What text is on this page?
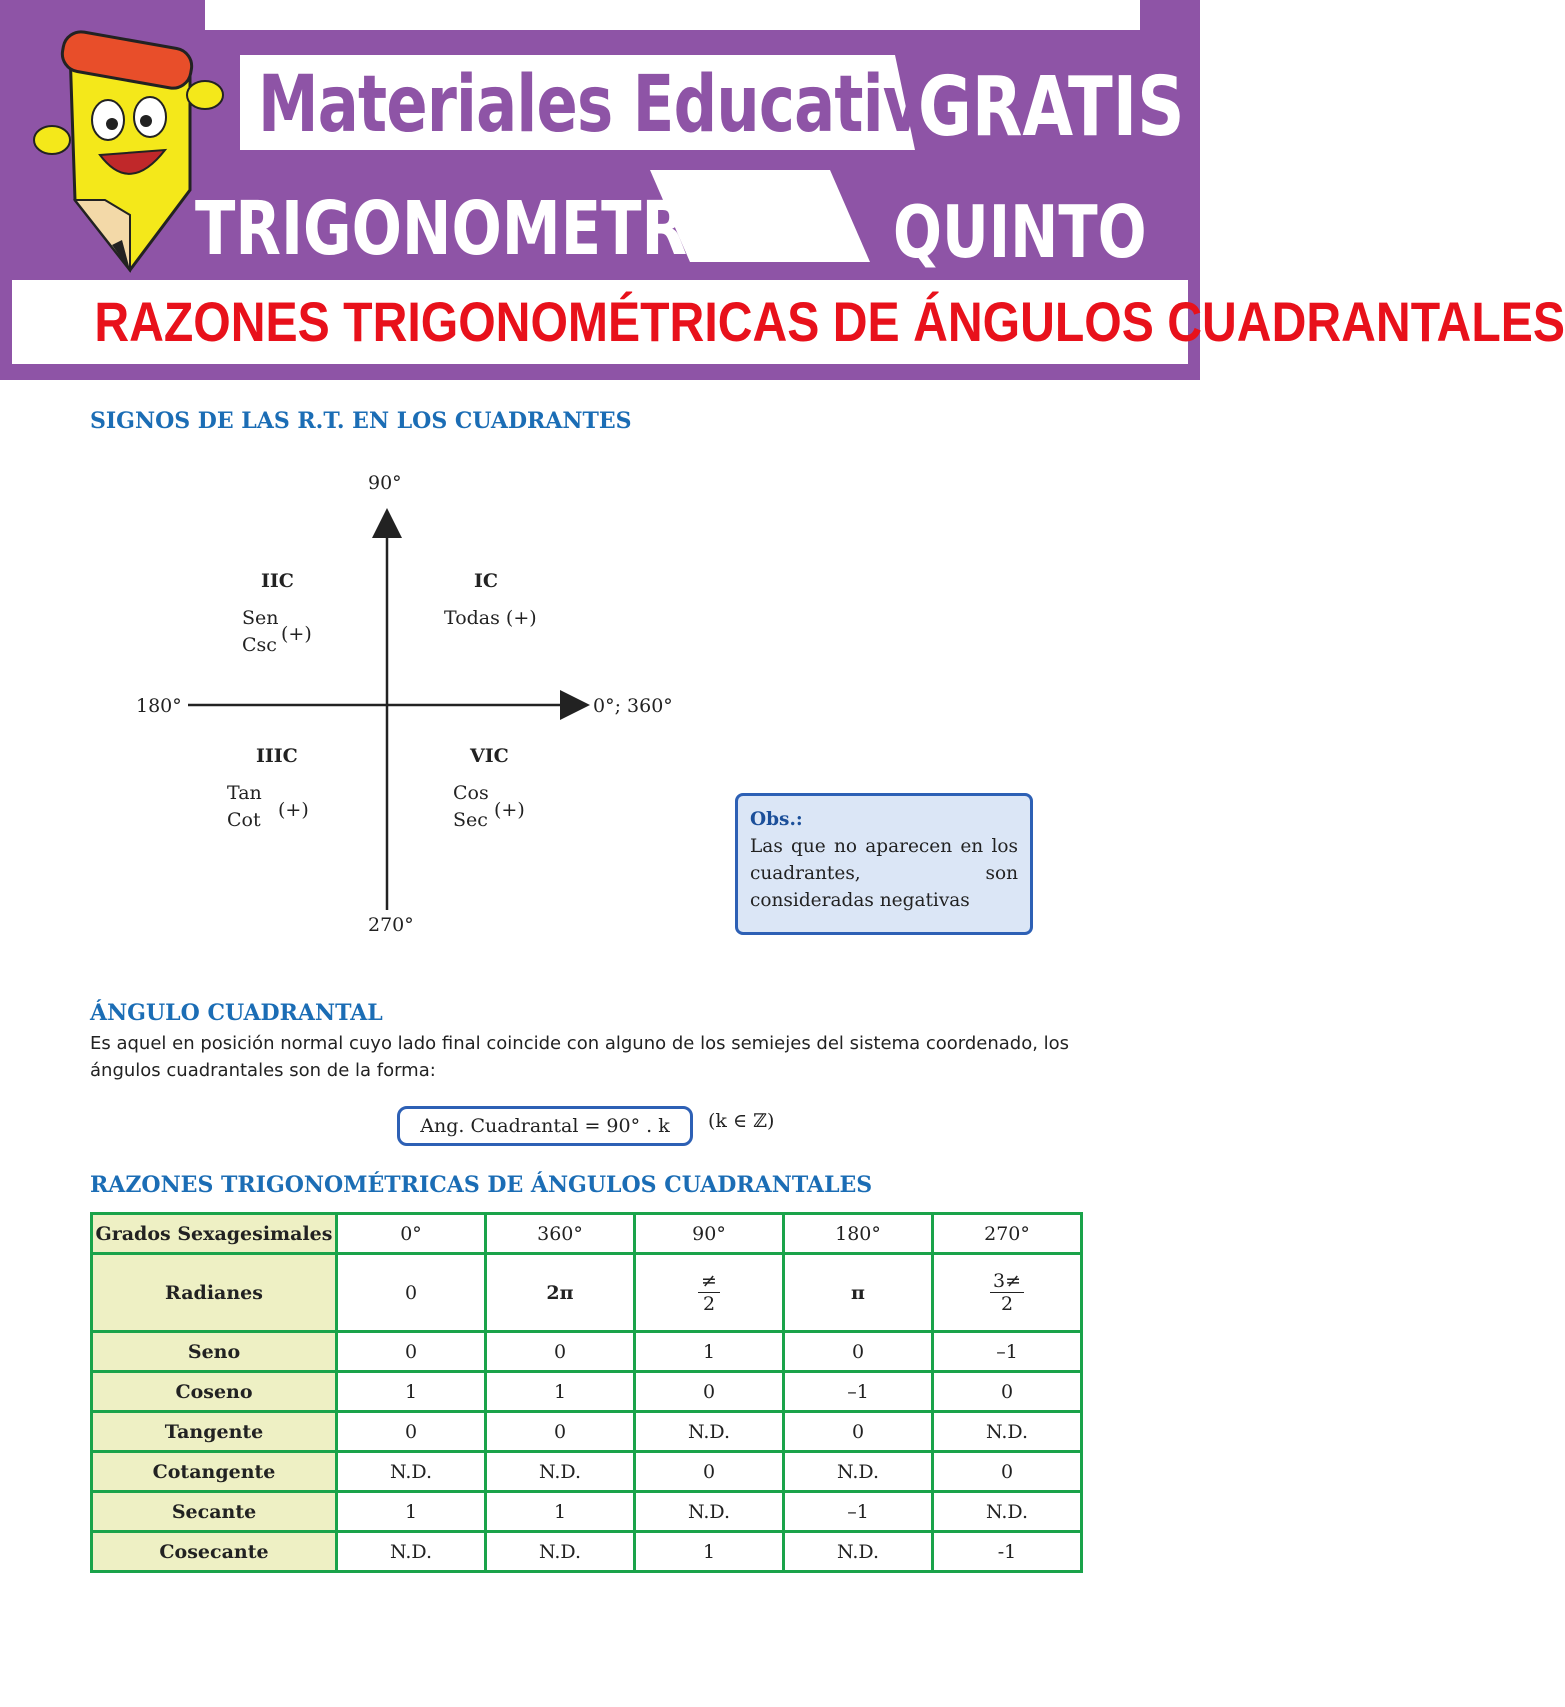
Materiales Educativos
GRATIS
TRIGONOMETRIA QUINTO
RAZONES TRIGONOMÉTRICAS DE ÁNGULOS CUADRANTALES
SIGNOS DE LAS R.T. EN LOS CUADRANTES
90°
180°	0°; 360°
270°
IIC
Sen
Csc (+)
IC
Todas (+)
IIIC
Tan
Cot (+)
VIC
Cos
Sec (+)	Obs.:
Las que no aparecen en los cuadrantes, son consideradas negativas
ÁNGULO CUADRANTAL
Es aquel en posición normal cuyo lado final coincide con alguno de los semiejes del sistema coordenado, los ángulos cuadrantales son de la forma:
Ang. Cuadrantal = 90° . k	(k ∈ ℤ)
RAZONES TRIGONOMÉTRICAS DE ÁNGULOS CUADRANTALES
Grados Sexagesimales	0°	360°	90°	180°	270°
Radianes	0	2π	$\frac{\ne}{2}$	π	$\frac{3\ne}{2}$

Seno	0	0	1	0	–1
Coseno	1	1	0	–1	0
Tangente	0	0	N.D.	0	N.D.
Cotangente	N.D.	N.D.	0	N.D.	0
Secante	1	1	N.D.	–1	N.D.
Cosecante	N.D.	N.D.	1	N.D.	-1
